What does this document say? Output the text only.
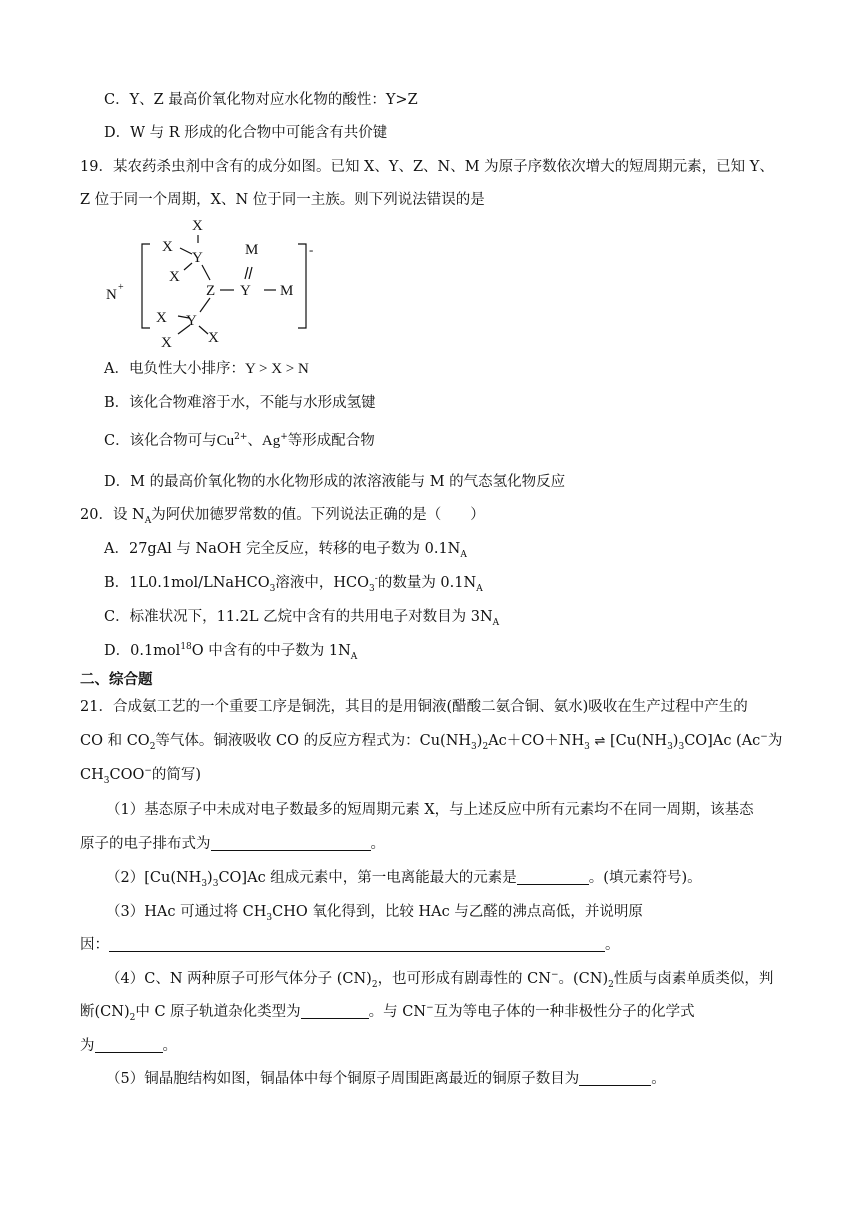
C．Y、Z 最高价氧化物对应水化物的酸性：Y>Z
D．W 与 R 形成的化合物中可能含有共价键
19．某农药杀虫剂中含有的成分如图。已知 X、Y、Z、N、M 为原子序数依次增大的短周期元素，已知 Y、
Z 位于同一个周期，X、N 位于同一主族。则下列说法错误的是
X
X
Y
X
M
Z Y M
X Y
X X
N +
-
A．电负性大小排序：Y > X > N
B．该化合物难溶于水，不能与水形成氢键
C．该化合物可与$Cu^{2+}$、Ag+等形成配合物
D．M 的最高价氧化物的水化物形成的浓溶液能与 M 的气态氢化物反应
20．设 $N_A$为阿伏加德罗常数的值。下列说法正确的是（　　）
A．27gAl 与 NaOH 完全反应，转移的电子数为 $0.1N_A$
B．1L0.1mol/LNaHCO$_3$溶液中，$HCO_3^-$的数量为 $0.1N_A$
C．标准状况下，11.2L 乙烷中含有的共用电子对数目为 $3N_A$
D．0.1mol$^{18}$O 中含有的中子数为 $1N_A$
二、综合题
21．合成氨工艺的一个重要工序是铜洗，其目的是用铜液(醋酸二氨合铜、氨水)吸收在生产过程中产生的
CO 和 $CO_2$等气体。铜液吸收 CO 的反应方程式为：$Cu(NH_3)_2Ac+CO+NH_3$ ⇌ $[Cu(NH_3)_3CO]Ac$ (Ac−为
$CH_3COO^-$的简写)
（1）基态原子中未成对电子数最多的短周期元素 X，与上述反应中所有元素均不在同一周期，该基态
原子的电子排布式为	。
$(2)[Cu(NH_3)_3CO]Ac$ 组成元素中，第一电离能最大的元素是	。(填元素符号)。
（3）HAc 可通过将 $CH_3CHO$ 氧化得到，比较 HAc 与乙醛的沸点高低，并说明原
因：	。
（4）C、N 两种原子可形气体分子 $(CN)_2$，也可形成有剧毒性的 CN−。$(CN)_2$性质与卤素单质类似，判
断$(CN)_2$中 C 原子轨道杂化类型为	。与 CN−互为等电子体的一种非极性分子的化学式
为	。
（5）铜晶胞结构如图，铜晶体中每个铜原子周围距离最近的铜原子数目为	。
